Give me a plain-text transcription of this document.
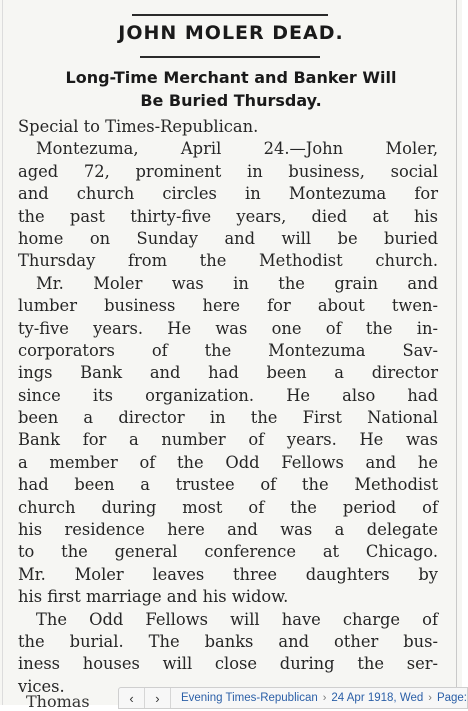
JOHN MOLER DEAD.
Long-Time Merchant and Banker Will
Be Buried Thursday.
Special to Times-Republican.
Montezuma, April 24.—John Moler,
aged 72, prominent in business, social
and church circles in Montezuma for
the past thirty-five years, died at his
home on Sunday and will be buried
Thursday from the Methodist church.
Mr. Moler was in the grain and
lumber business here for about twen-
ty-five years. He was one of the in-
corporators of the Montezuma Sav-
ings Bank and had been a director
since its organization. He also had
been a director in the First National
Bank for a number of years. He was
a member of the Odd Fellows and he
had been a trustee of the Methodist
church during most of the period of
his residence here and was a delegate
to the general conference at Chicago.
Mr. Moler leaves three daughters by
his first marriage and his widow.
The Odd Fellows will have charge of
the burial. The banks and other bus-
iness houses will close during the ser-
vices.
Thomas	‹ › Evening Times-Republican › 24 Apr 1918, Wed › Page:
